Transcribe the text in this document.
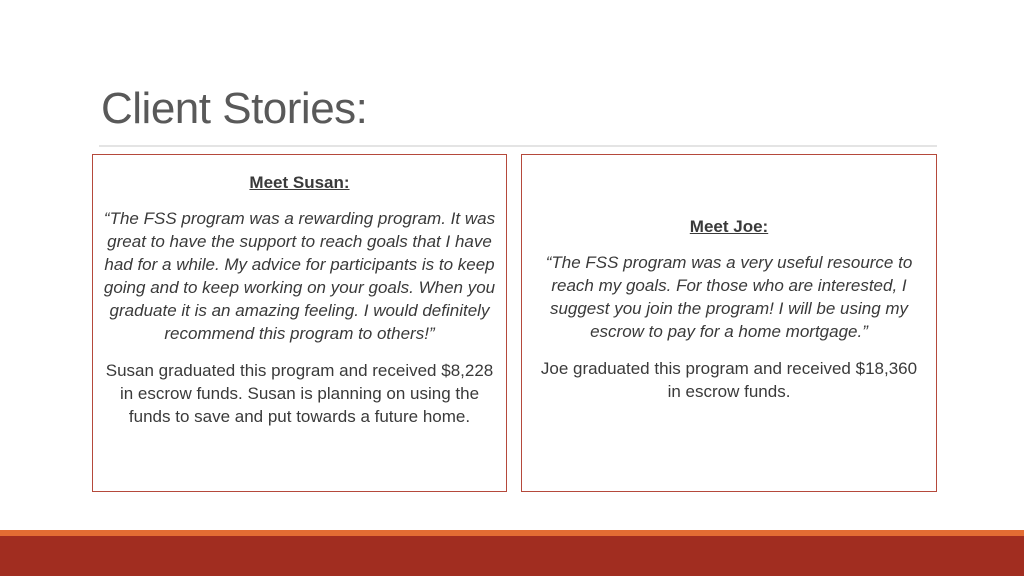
Client Stories:
Meet Susan:

“The FSS program was a rewarding program. It was great to have the support to reach goals that I have had for a while. My advice for participants is to keep going and to keep working on your goals. When you graduate it is an amazing feeling. I would definitely recommend this program to others!”

Susan graduated this program and received $8,228 in escrow funds. Susan is planning on using the funds to save and put towards a future home.

Meet Joe:

“The FSS program was a very useful resource to reach my goals. For those who are interested, I suggest you join the program! I will be using my escrow to pay for a home mortgage.”

Joe graduated this program and received $18,360 in escrow funds.
